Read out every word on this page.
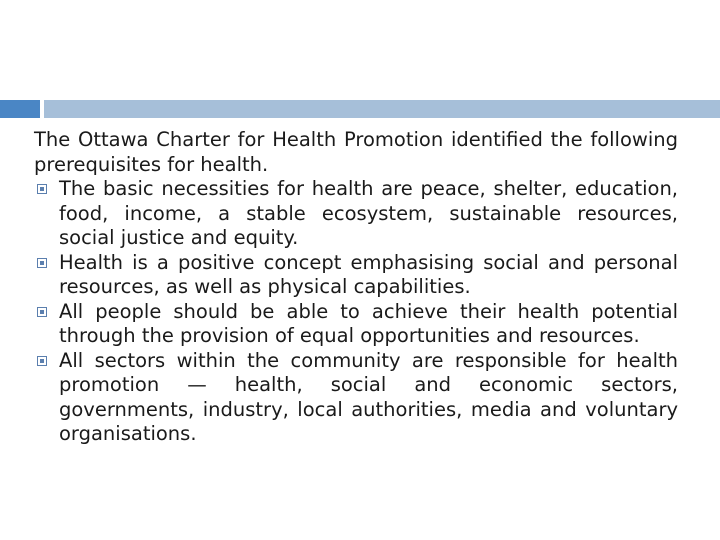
The Ottawa Charter for Health Promotion identified the following prerequisites for health.

The basic necessities for health are peace, shelter, education, food, income, a stable ecosystem, sustainable resources, social justice and equity.
Health is a positive concept emphasising social and personal resources, as well as physical capabilities.
All people should be able to achieve their health potential through the provision of equal opportunities and resources.
All sectors within the community are responsible for health promotion — health, social and economic sectors, governments, industry, local authorities, media and voluntary organisations.
